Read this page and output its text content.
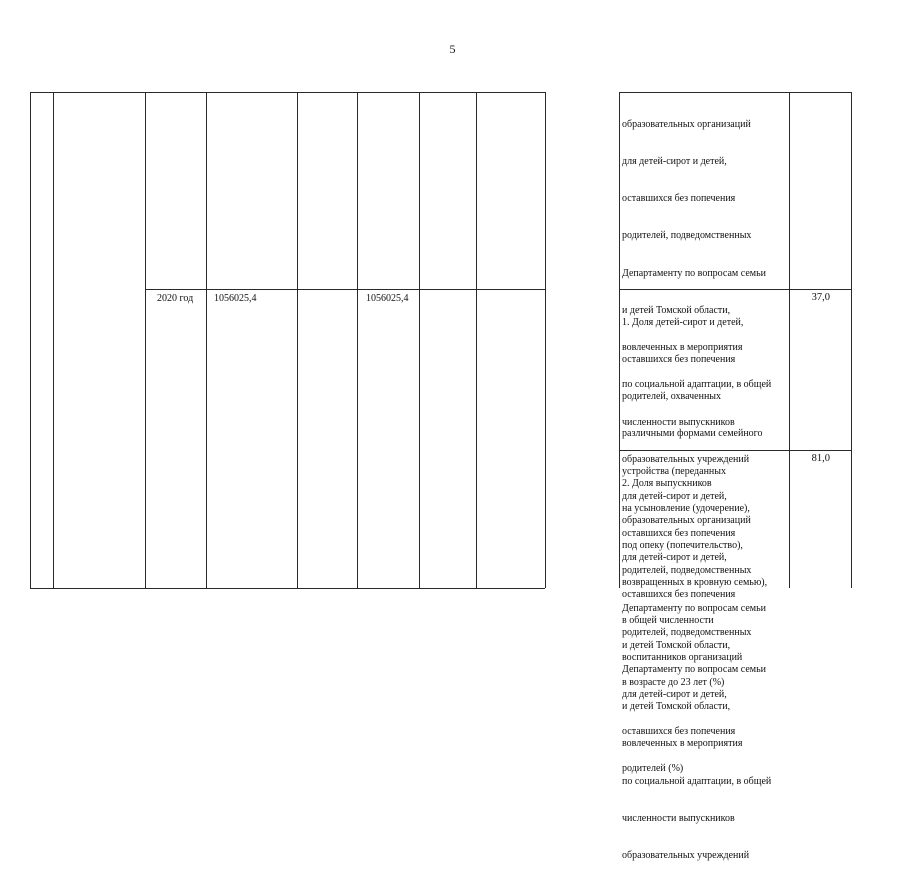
5
2020 год 1056025,4	1056025,4

образовательных организаций

для детей-сирот и детей,

оставшихся без попечения

родителей, подведомственных

Департаменту по вопросам семьи

и детей Томской области,

вовлеченных в мероприятия

по социальной адаптации, в общей

численности выпускников

образовательных учреждений

для детей-сирот и детей,

оставшихся без попечения

родителей, подведомственных

Департаменту по вопросам семьи

и детей Томской области,

в возрасте до 23 лет (%)

1. Доля детей-сирот и детей,

оставшихся без попечения

родителей, охваченных

различными формами семейного

устройства (переданных

на усыновление (удочерение),

под опеку (попечительство),

возвращенных в кровную семью),

в общей численности

воспитанников организаций

для детей-сирот и детей,

оставшихся без попечения

родителей (%)

37,0

2. Доля выпускников

образовательных организаций

для детей-сирот и детей,

оставшихся без попечения

родителей, подведомственных

Департаменту по вопросам семьи

и детей Томской области,

вовлеченных в мероприятия

по социальной адаптации, в общей

численности выпускников

образовательных учреждений

81,0
